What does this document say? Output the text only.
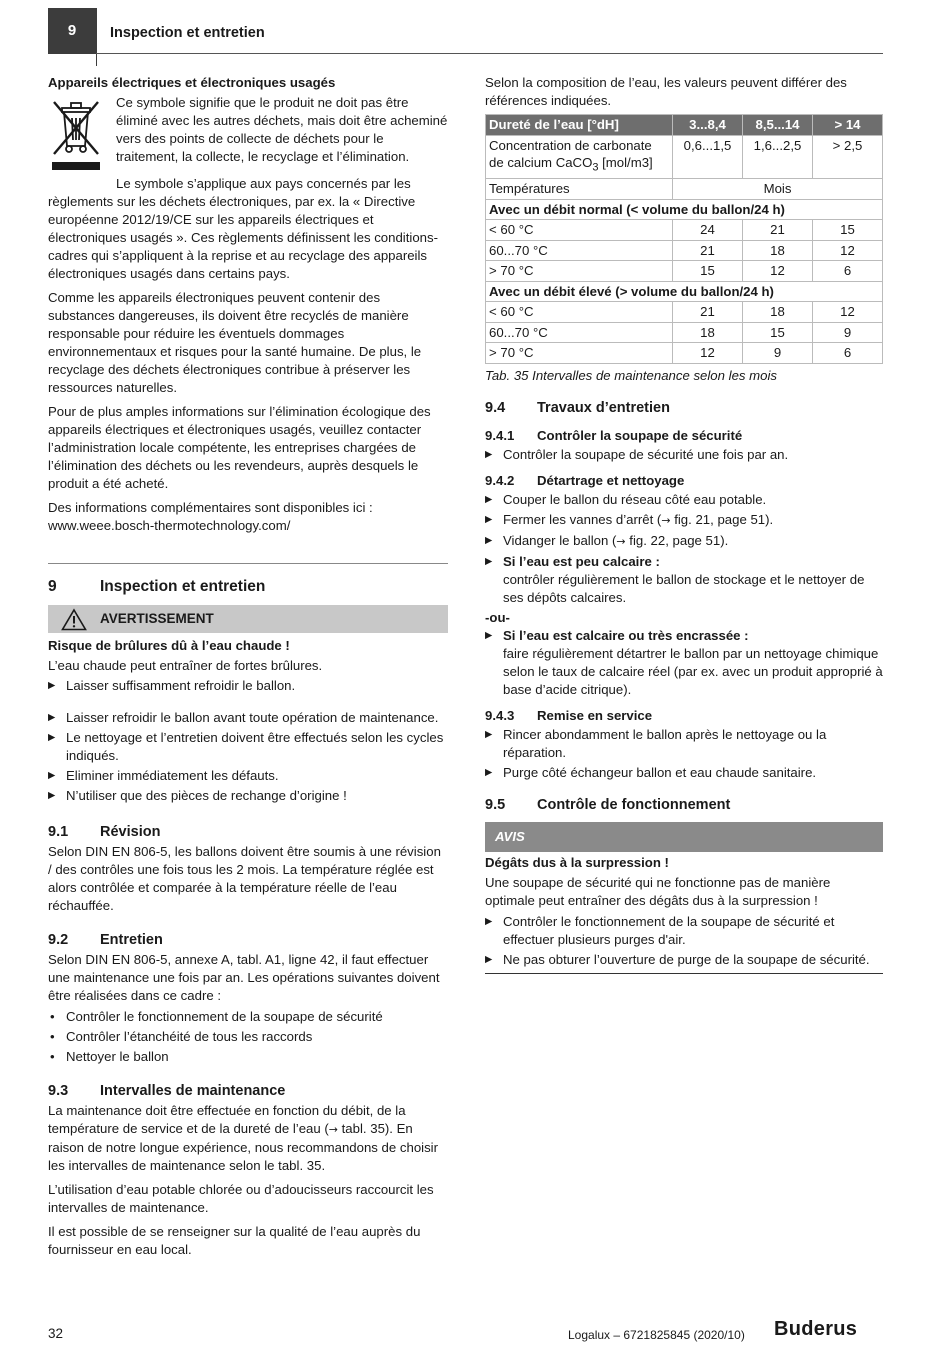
9 Inspection et entretien
Appareils électriques et électroniques usagés

Ce symbole signifie que le produit ne doit pas être éliminé avec les autres déchets, mais doit être acheminé vers des points de collecte de déchets pour le traitement, la collecte, le recyclage et l’élimination.

Le symbole s’applique aux pays concernés par les règlements sur les déchets électroniques, par ex. la « Directive européenne 2012/19/CE sur les appareils électriques et électroniques usagés ». Ces règlements définissent les conditions-cadres qui s’appliquent à la reprise et au recyclage des appareils électroniques usagés dans certains pays.

Comme les appareils électroniques peuvent contenir des substances dangereuses, ils doivent être recyclés de manière responsable pour réduire les éventuels dommages environnementaux et risques pour la santé humaine. De plus, le recyclage des déchets électroniques contribue à préserver les ressources naturelles.

Pour de plus amples informations sur l’élimination écologique des appareils électriques et électroniques usagés, veuillez contacter l’administration locale compétente, les entreprises chargées de l’élimination des déchets ou les revendeurs, auprès desquels le produit a été acheté.

Des informations complémentaires sont disponibles ici :

www.weee.bosch-thermotechnology.com/

9	Inspection et entretien
AVERTISSEMENT
Risque de brûlures dû à l’eau chaude !

L’eau chaude peut entraîner de fortes brûlures.

▶ Laisser suffisamment refroidir le ballon.
▶ Laisser refroidir le ballon avant toute opération de maintenance.
▶ Le nettoyage et l’entretien doivent être effectués selon les cycles indiqués.
▶ Eliminer immédiatement les défauts.
▶ N’utiliser que des pièces de rechange d’origine !
9.1	Révision

Selon DIN EN 806-5, les ballons doivent être soumis à une révision / des contrôles une fois tous les 2 mois. La température réglée est alors contrôlée et comparée à la température réelle de l’eau réchauffée.

9.2	Entretien

Selon DIN EN 806-5, annexe A, tabl. A1, ligne 42, il faut effectuer une maintenance une fois par an. Les opérations suivantes doivent être réalisées dans ce cadre :

• Contrôler le fonctionnement de la soupape de sécurité
• Contrôler l’étanchéité de tous les raccords
• Nettoyer le ballon
9.3	Intervalles de maintenance

La maintenance doit être effectuée en fonction du débit, de la température de service et de la dureté de l’eau (→ tabl. 35). En raison de notre longue expérience, nous recommandons de choisir les intervalles de maintenance selon le tabl. 35.

L’utilisation d’eau potable chlorée ou d’adoucisseurs raccourcit les intervalles de maintenance.

Il est possible de se renseigner sur la qualité de l’eau auprès du fournisseur en eau local.

Selon la composition de l’eau, les valeurs peuvent différer des références indiquées.

Dureté de l’eau [°dH]	3...8,4	8,5...14	> 14
Concentration de carbonate de calcium CaCO$_3$ [mol/m3]	0,6...1,5	1,6...2,5	> 2,5
Températures	Mois		
Avec un débit normal (< volume du ballon/24 h)			
< 60 °C	24	21	15
60...70 °C	21	18	12
> 70 °C	15	12	6
Avec un débit élevé (> volume du ballon/24 h)			
< 60 °C	21	18	12
60...70 °C	18	15	9
> 70 °C	12	9	6
Tab. 35 Intervalles de maintenance selon les mois
9.4	Travaux d’entretien
9.4.1	Contrôler la soupape de sécurité
▶ Contrôler la soupape de sécurité une fois par an.
9.4.2	Détartrage et nettoyage
▶ Couper le ballon du réseau côté eau potable.
▶ Fermer les vannes d’arrêt (→ fig. 21, page 51).
▶ Vidanger le ballon (→ fig. 22, page 51).
▶ Si l’eau est peu calcaire :
contrôler régulièrement le ballon de stockage et le nettoyer de ses dépôts calcaires.
-ou-
▶ Si l’eau est calcaire ou très encrassée :
faire régulièrement détartrer le ballon par un nettoyage chimique selon le taux de calcaire réel (par ex. avec un produit approprié à base d’acide citrique).
9.4.3	Remise en service
▶ Rincer abondamment le ballon après le nettoyage ou la réparation.
▶ Purge côté échangeur ballon et eau chaude sanitaire.
9.5	Contrôle de fonctionnement
AVIS
Dégâts dus à la surpression !

Une soupape de sécurité qui ne fonctionne pas de manière optimale peut entraîner des dégâts dus à la surpression !

▶ Contrôler le fonctionnement de la soupape de sécurité et effectuer plusieurs purges d'air.
▶ Ne pas obturer l’ouverture de purge de la soupape de sécurité.
32	Logalux – 6721825845 (2020/10) Buderus
